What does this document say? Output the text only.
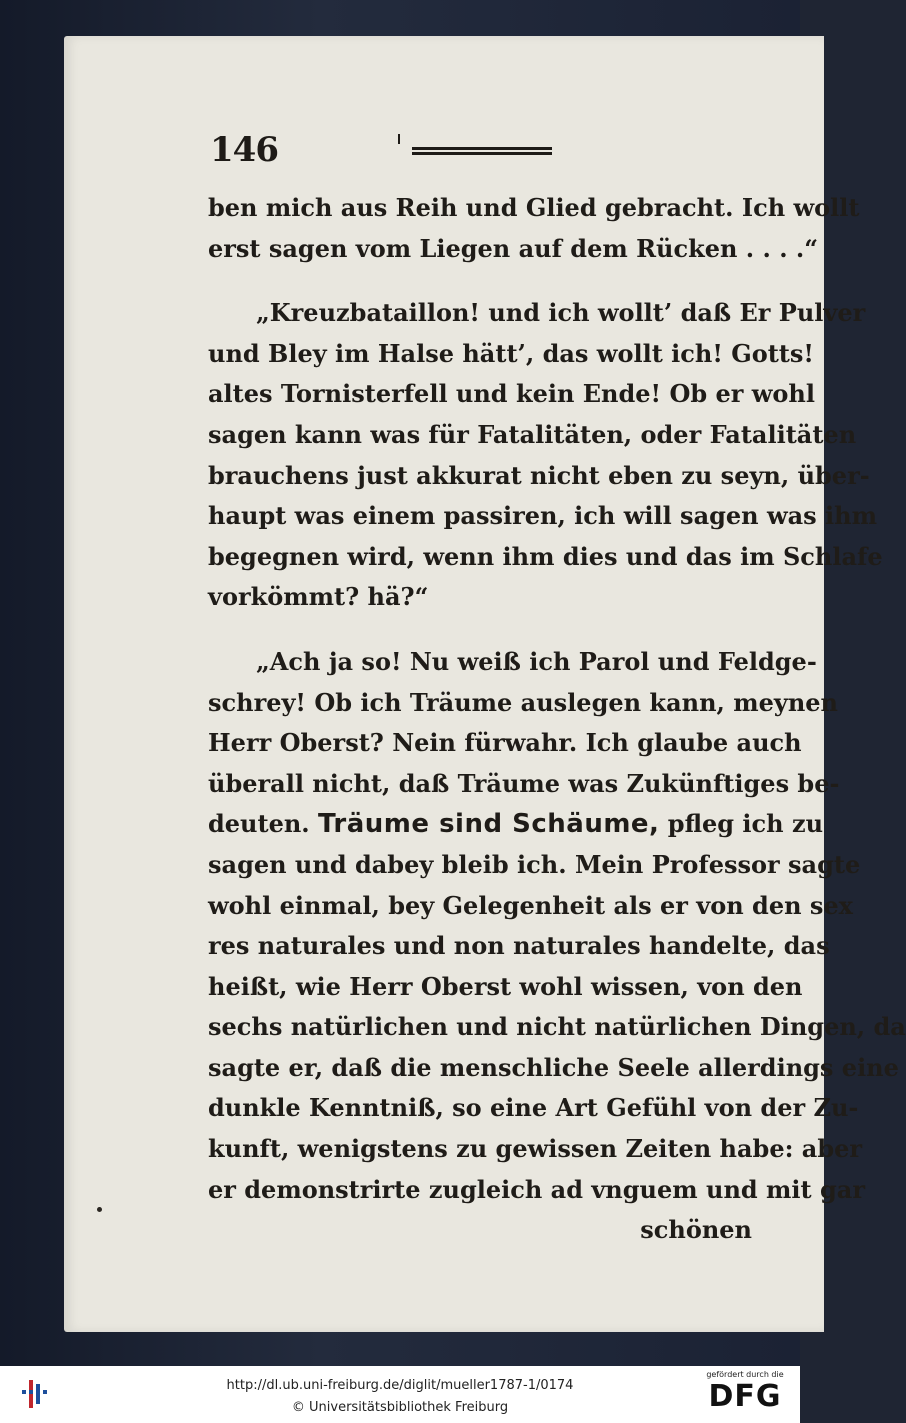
146
ben mich aus Reih und Glied gebracht. Ich wollt
erst sagen vom Liegen auf dem Rücken . . . .“
„Kreuzbataillon! und ich wollt’ daß Er Pulver
und Bley im Halse hätt’, das wollt ich! Gotts!
altes Tornisterfell und kein Ende! Ob er wohl
sagen kann was für Fatalitäten, oder Fatalitäten
brauchens just akkurat nicht eben zu seyn, über-
haupt was einem passiren, ich will sagen was ihm
begegnen wird, wenn ihm dies und das im Schlafe
vorkömmt? hä?“
„Ach ja so! Nu weiß ich Parol und Feldge-
schrey! Ob ich Träume auslegen kann, meynen
Herr Oberst? Nein fürwahr. Ich glaube auch
überall nicht, daß Träume was Zukünftiges be-
deuten. Träume sind Schäume, pfleg ich zu
sagen und dabey bleib ich. Mein Professor sagte
wohl einmal, bey Gelegenheit als er von den sex
res naturales und non naturales handelte, das
heißt, wie Herr Oberst wohl wissen, von den
sechs natürlichen und nicht natürlichen Dingen, da
sagte er, daß die menschliche Seele allerdings eine
dunkle Kenntniß, so eine Art Gefühl von der Zu-
kunft, wenigstens zu gewissen Zeiten habe: aber
er demonstrirte zugleich ad vnguem und mit gar
schönen
http://dl.ub.uni-freiburg.de/diglit/mueller1787-1/0174
© Universitätsbibliothek Freiburg
gefördert durch die
DFG
